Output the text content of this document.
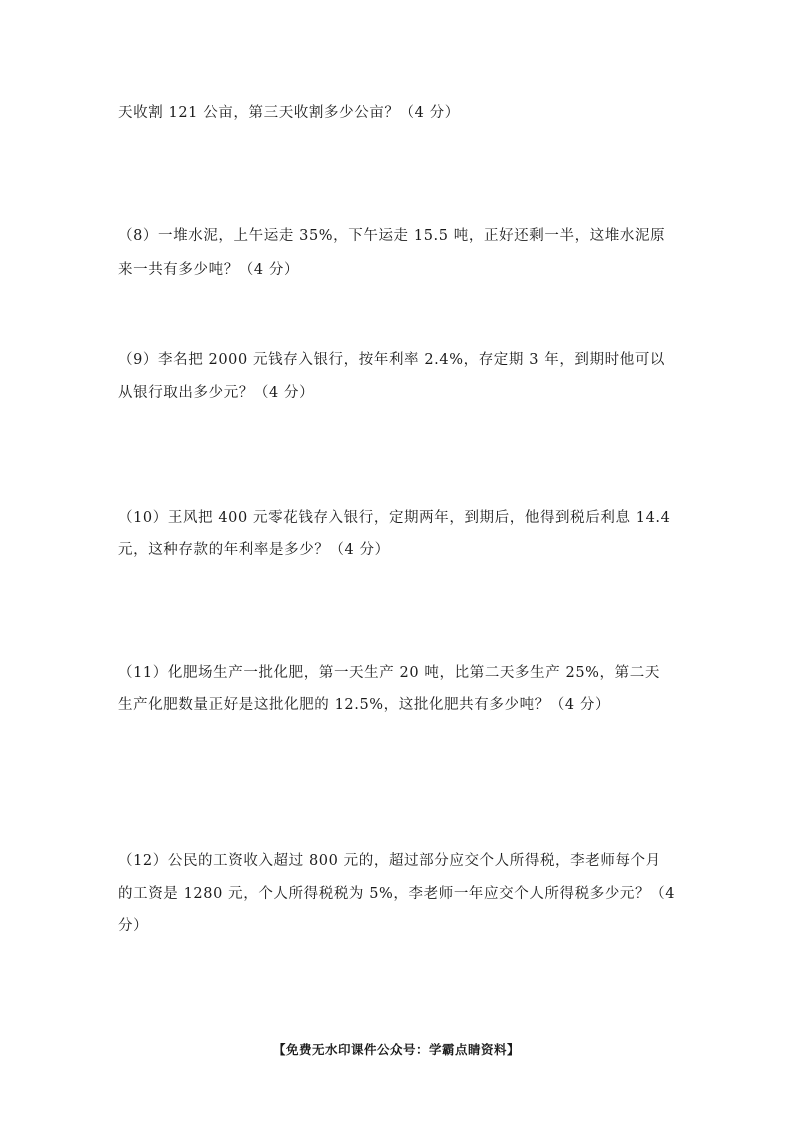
天收割 121 公亩，第三天收割多少公亩？（4 分）
（8）一堆水泥，上午运走 35%，下午运走 15.5 吨，正好还剩一半，这堆水泥原
来一共有多少吨？（4 分）
（9）李名把 2000 元钱存入银行，按年利率 2.4%，存定期 3 年，到期时他可以
从银行取出多少元？（4 分）
（10）王风把 400 元零花钱存入银行，定期两年，到期后，他得到税后利息 14.4
元，这种存款的年利率是多少？（4 分）
（11）化肥场生产一批化肥，第一天生产 20 吨，比第二天多生产 25%，第二天
生产化肥数量正好是这批化肥的 12.5%，这批化肥共有多少吨？（4 分）
（12）公民的工资收入超过 800 元的，超过部分应交个人所得税，李老师每个月
的工资是 1280 元，个人所得税税为 5%，李老师一年应交个人所得税多少元？（4
分）
【免费无水印课件公众号：学霸点睛资料】
